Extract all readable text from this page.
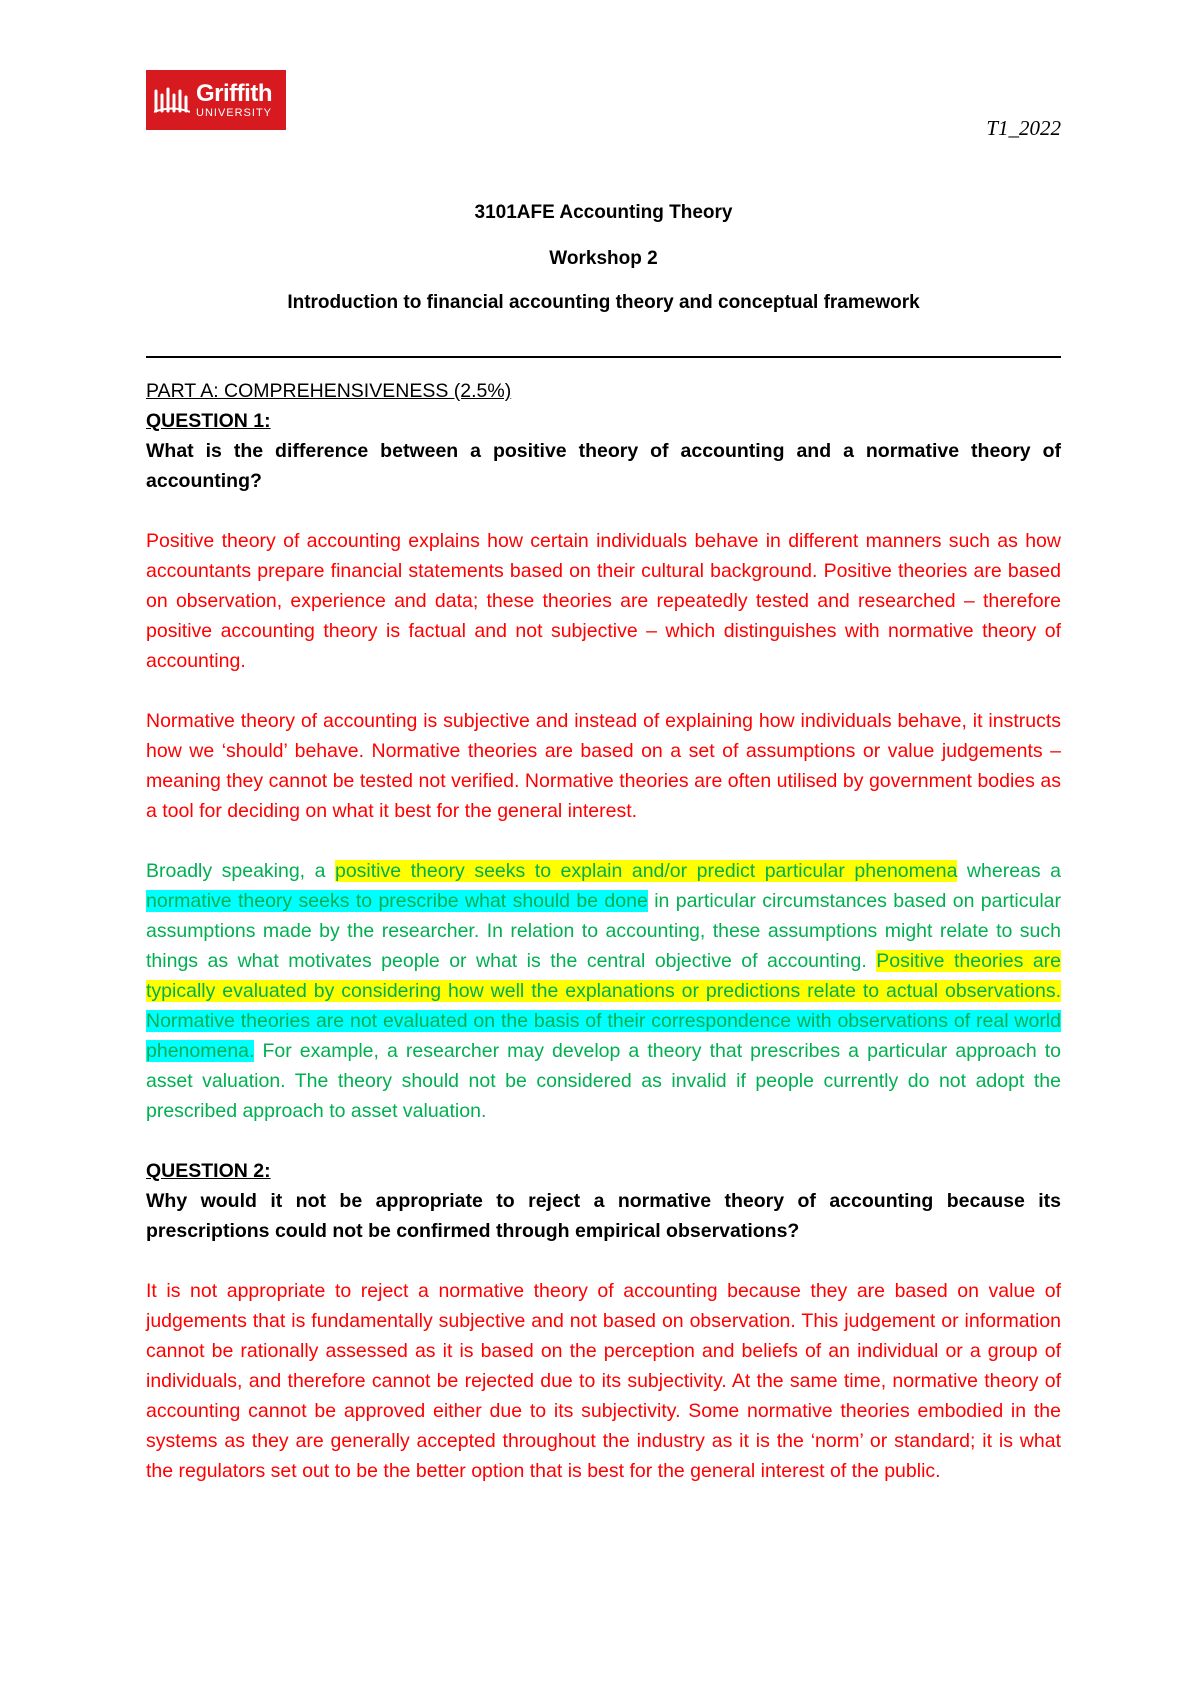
Griffith
UNIVERSITY
T1_2022
3101AFE Accounting Theory
Workshop 2
Introduction to financial accounting theory and conceptual framework

PART A: COMPREHENSIVENESS (2.5%)

QUESTION 1:

What is the difference between a positive theory of accounting and a normative theory of accounting?

Positive theory of accounting explains how certain individuals behave in different manners such as how accountants prepare financial statements based on their cultural background. Positive theories are based on observation, experience and data; these theories are repeatedly tested and researched – therefore positive accounting theory is factual and not subjective – which distinguishes with normative theory of accounting.

Normative theory of accounting is subjective and instead of explaining how individuals behave, it instructs how we ‘should’ behave. Normative theories are based on a set of assumptions or value judgements – meaning they cannot be tested not verified. Normative theories are often utilised by government bodies as a tool for deciding on what it best for the general interest.

Broadly speaking, a positive theory seeks to explain and/or predict particular phenomena whereas a normative theory seeks to prescribe what should be done in particular circumstances based on particular assumptions made by the researcher. In relation to accounting, these assumptions might relate to such things as what motivates people or what is the central objective of accounting. Positive theories are typically evaluated by considering how well the explanations or predictions relate to actual observations. Normative theories are not evaluated on the basis of their correspondence with observations of real world phenomena. For example, a researcher may develop a theory that prescribes a particular approach to asset valuation. The theory should not be considered as invalid if people currently do not adopt the prescribed approach to asset valuation.

QUESTION 2:

Why would it not be appropriate to reject a normative theory of accounting because its prescriptions could not be confirmed through empirical observations?

It is not appropriate to reject a normative theory of accounting because they are based on value of judgements that is fundamentally subjective and not based on observation. This judgement or information cannot be rationally assessed as it is based on the perception and beliefs of an individual or a group of individuals, and therefore cannot be rejected due to its subjectivity. At the same time, normative theory of accounting cannot be approved either due to its subjectivity. Some normative theories embodied in the systems as they are generally accepted throughout the industry as it is the ‘norm’ or standard; it is what the regulators set out to be the better option that is best for the general interest of the public.
